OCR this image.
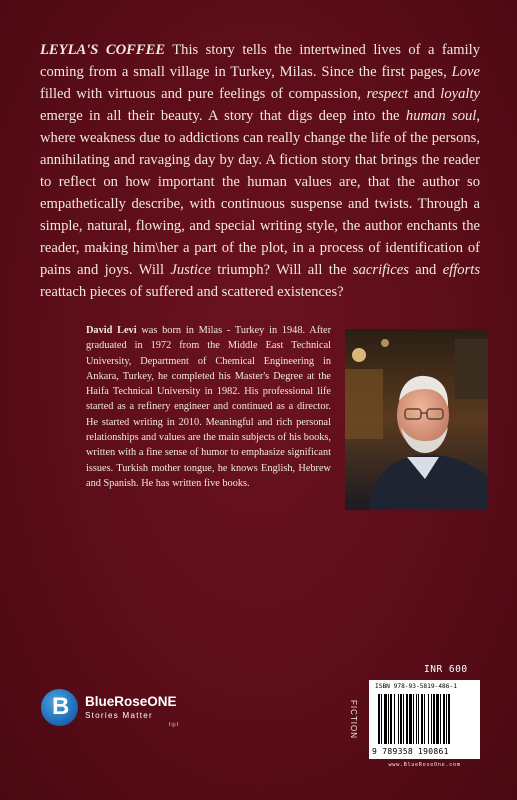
LEYLA'S COFFEE This story tells the intertwined lives of a family coming from a small village in Turkey, Milas. Since the first pages, Love filled with virtuous and pure feelings of compassion, respect and loyalty emerge in all their beauty. A story that digs deep into the human soul, where weakness due to addictions can really change the life of the persons, annihilating and ravaging day by day. A fiction story that brings the reader to reflect on how important the human values are, that the author so empathetically describe, with continuous suspense and twists. Through a simple, natural, flowing, and special writing style, the author enchants the reader, making him\her a part of the plot, in a process of identification of pains and joys. Will Justice triumph? Will all the sacrifices and efforts reattach pieces of suffered and scattered existences?

David Levi was born in Milas - Turkey in 1948. After graduated in 1972 from the Middle East Technical University, Department of Chemical Engineering in Ankara, Turkey, he completed his Master's Degree at the Haifa Technical University in 1982. His professional life started as a refinery engineer and continued as a director. He started writing in 2010. Meaningful and rich personal relationships and values are the main subjects of his books, written with a fine sense of humor to emphasize significant issues. Turkish mother tongue, he knows English, Hebrew and Spanish. He has written five books.

B BlueRoseONE
Stories Matter
f◎t	FICTION
INR 600
ISBN 978-93-5819-486-1
9 789358 190861
www.BlueRoseOne.com
